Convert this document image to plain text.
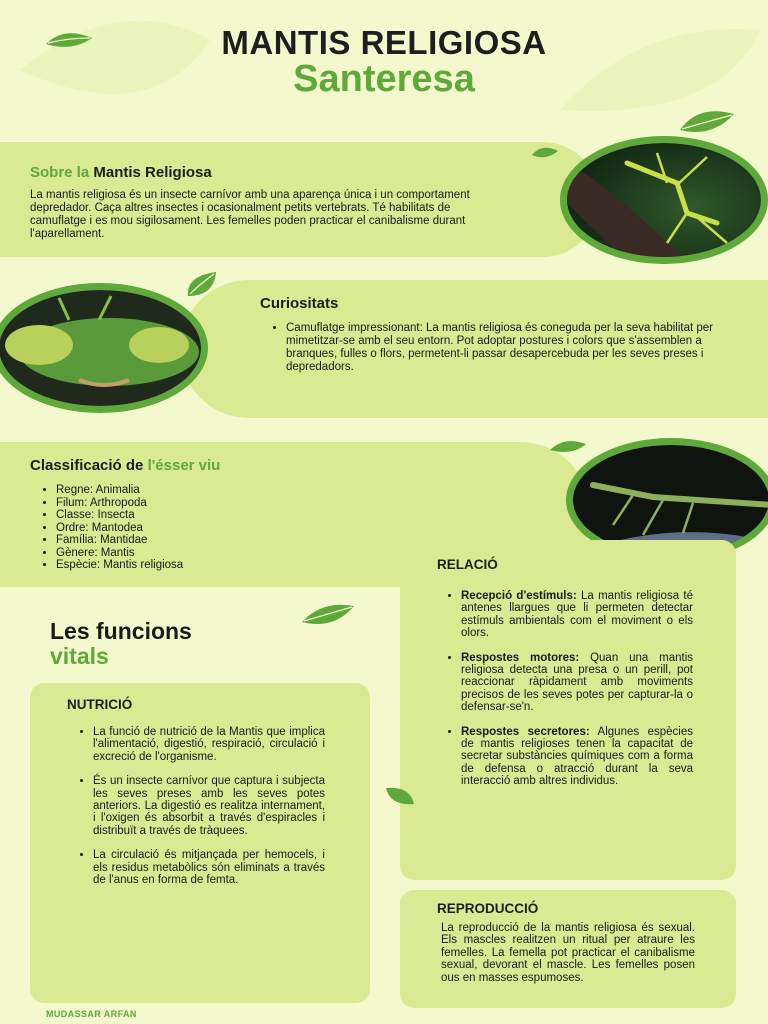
MANTIS RELIGIOSA
Santeresa
Sobre la Mantis Religiosa

La mantis religiosa és un insecte carnívor amb una aparença única i un comportament depredador. Caça altres insectes i ocasionalment petits vertebrats. Té habilitats de camuflatge i es mou sigilosament. Les femelles poden practicar el canibalisme durant l'aparellament.

Curiositats
• Camuflatge impressionant: La mantis religiosa és coneguda per la seva habilitat per mimetitzar-se amb el seu entorn. Pot adoptar postures i colors que s'assemblen a branques, fulles o flors, permetent-li passar desapercebuda per les seves preses i depredadors.
Classificació de l'ésser viu
• Regne: Animalia
• Filum: Arthropoda
• Classe: Insecta
• Ordre: Mantodea
• Família: Mantidae
• Gènere: Mantis
• Espècie: Mantis religiosa
Les funcions
vitals
RELACIÓ
• Recepció d'estímuls: La mantis religiosa té antenes llargues que li permeten detectar estímuls ambientals com el moviment o els olors.
• Respostes motores: Quan una mantis religiosa detecta una presa o un perill, pot reaccionar ràpidament amb moviments precisos de les seves potes per capturar-la o defensar-se'n.
• Respostes secretores: Algunes espècies de mantis religioses tenen la capacitat de secretar substàncies químiques com a forma de defensa o atracció durant la seva interacció amb altres individus.
NUTRICIÓ
• La funció de nutrició de la Mantis que implica l'alimentació, digestió, respiració, circulació i excreció de l'organisme.
• És un insecte carnívor que captura i subjecta les seves preses amb les seves potes anteriors. La digestió es realitza internament, i l'oxigen és absorbit a través d'espiracles i distribuït a través de tràquees.
• La circulació és mitjançada per hemocels, i els residus metabòlics són eliminats a través de l'anus en forma de femta.
REPRODUCCIÓ

La reproducció de la mantis religiosa és sexual. Els mascles realitzen un ritual per atraure les femelles. La femella pot practicar el canibalisme sexual, devorant el mascle. Les femelles posen ous en masses espumoses.

MUDASSAR ARFAN
